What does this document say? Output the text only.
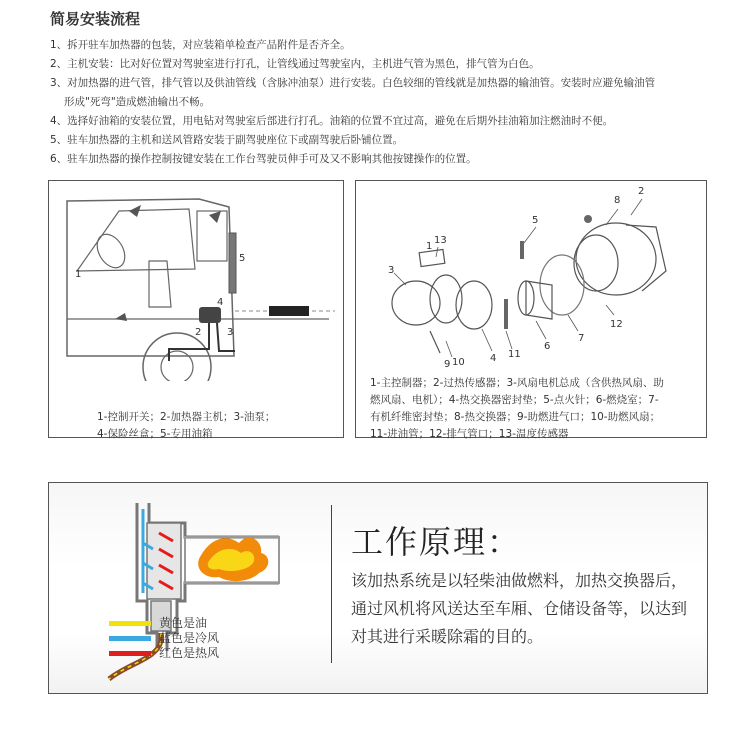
简易安装流程
1、拆开驻车加热器的包装，对应装箱单检查产品附件是否齐全。
2、主机安装：比对好位置对驾驶室进行打孔，让管线通过驾驶室内，主机进气管为黑色，排气管为白色。
3、对加热器的进气管，排气管以及供油管线（含脉冲油泵）进行安装。白色较细的管线就是加热器的输油管。安装时应避免输油管
形成"死弯"造成燃油输出不畅。
4、选择好油箱的安装位置，用电钻对驾驶室后部进行打孔。油箱的位置不宜过高，避免在后期外挂油箱加注燃油时不便。
5、驻车加热器的主机和送风管路安装于副驾驶座位下或副驾驶后卧铺位置。
6、驻车加热器的操作控制按键安装在工作台驾驶员伸手可及又不影响其他按键操作的位置。
1
2	3
4
5
1-控制开关；2-加热器主机；3-油泵；
4-保险丝盒；5-专用油箱
2
8
5
13
1
3
12
7
6
11
4
10
9
1-主控制器；2-过热传感器；3-风扇电机总成（含供热风扇、助
燃风扇、电机）；4-热交换器密封垫；5-点火针；6-燃烧室；7-
有机纤维密封垫；8-热交换器；9-助燃进气口；10-助燃风扇；
11-进油管；12-排气管口；13-温度传感器
黄色是油
蓝色是冷风
红色是热风
工作原理：
该加热系统是以轻柴油做燃料，加热交换器后，通过风机将风送达至车厢、仓储设备等，以达到对其进行采暖除霜的目的。
